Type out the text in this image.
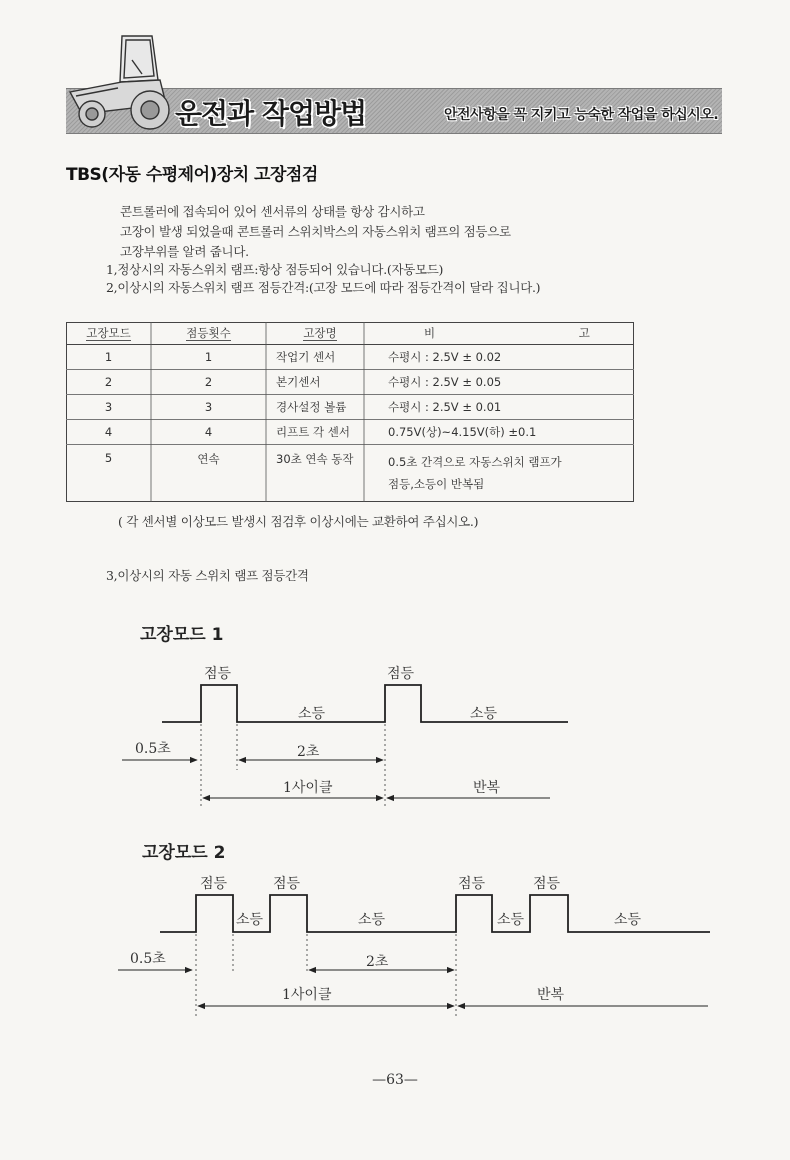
운전과 작업방법	안전사항을 꼭 지키고 능숙한 작업을 하십시오.
TBS(자동 수평제어)장치 고장점검
콘트롤러에 접속되어 있어 센서류의 상태를 항상 감시하고
고장이 발생 되었을때 콘트롤러 스위치박스의 자동스위치 램프의 점등으로
고장부위를 알려 줍니다.
1,정상시의 자동스위치 램프:항상 점등되어 있습니다.(자동모드)
2,이상시의 자동스위치 램프 점등간격:(고장 모드에 따라 점등간격이 달라 집니다.)
고장모드	점등횟수	고장명	비 고
1	1	작업기 센서	수평시 : 2.5V ± 0.02
2	2	본기센서	수평시 : 2.5V ± 0.05
3	3	경사설정 볼륨	수평시 : 2.5V ± 0.01
4	4	리프트 각 센서	0.75V(상)~4.15V(하) ±0.1
5	연속	30초 연속 동작	0.5초 간격으로 자동스위치 램프가
점등,소등이 반복됨
( 각 센서별 이상모드 발생시 점검후 이상시에는 교환하여 주십시오.)
3,이상시의 자동 스위치 램프 점등간격
고장모드 1
점등	점등
소등	소등
0.5초	2초
1사이클	반복
고장모드 2
점등	점등	점등	점등
소등	소등	소등	소등
0.5초	2초
1사이클	반복
—63—
